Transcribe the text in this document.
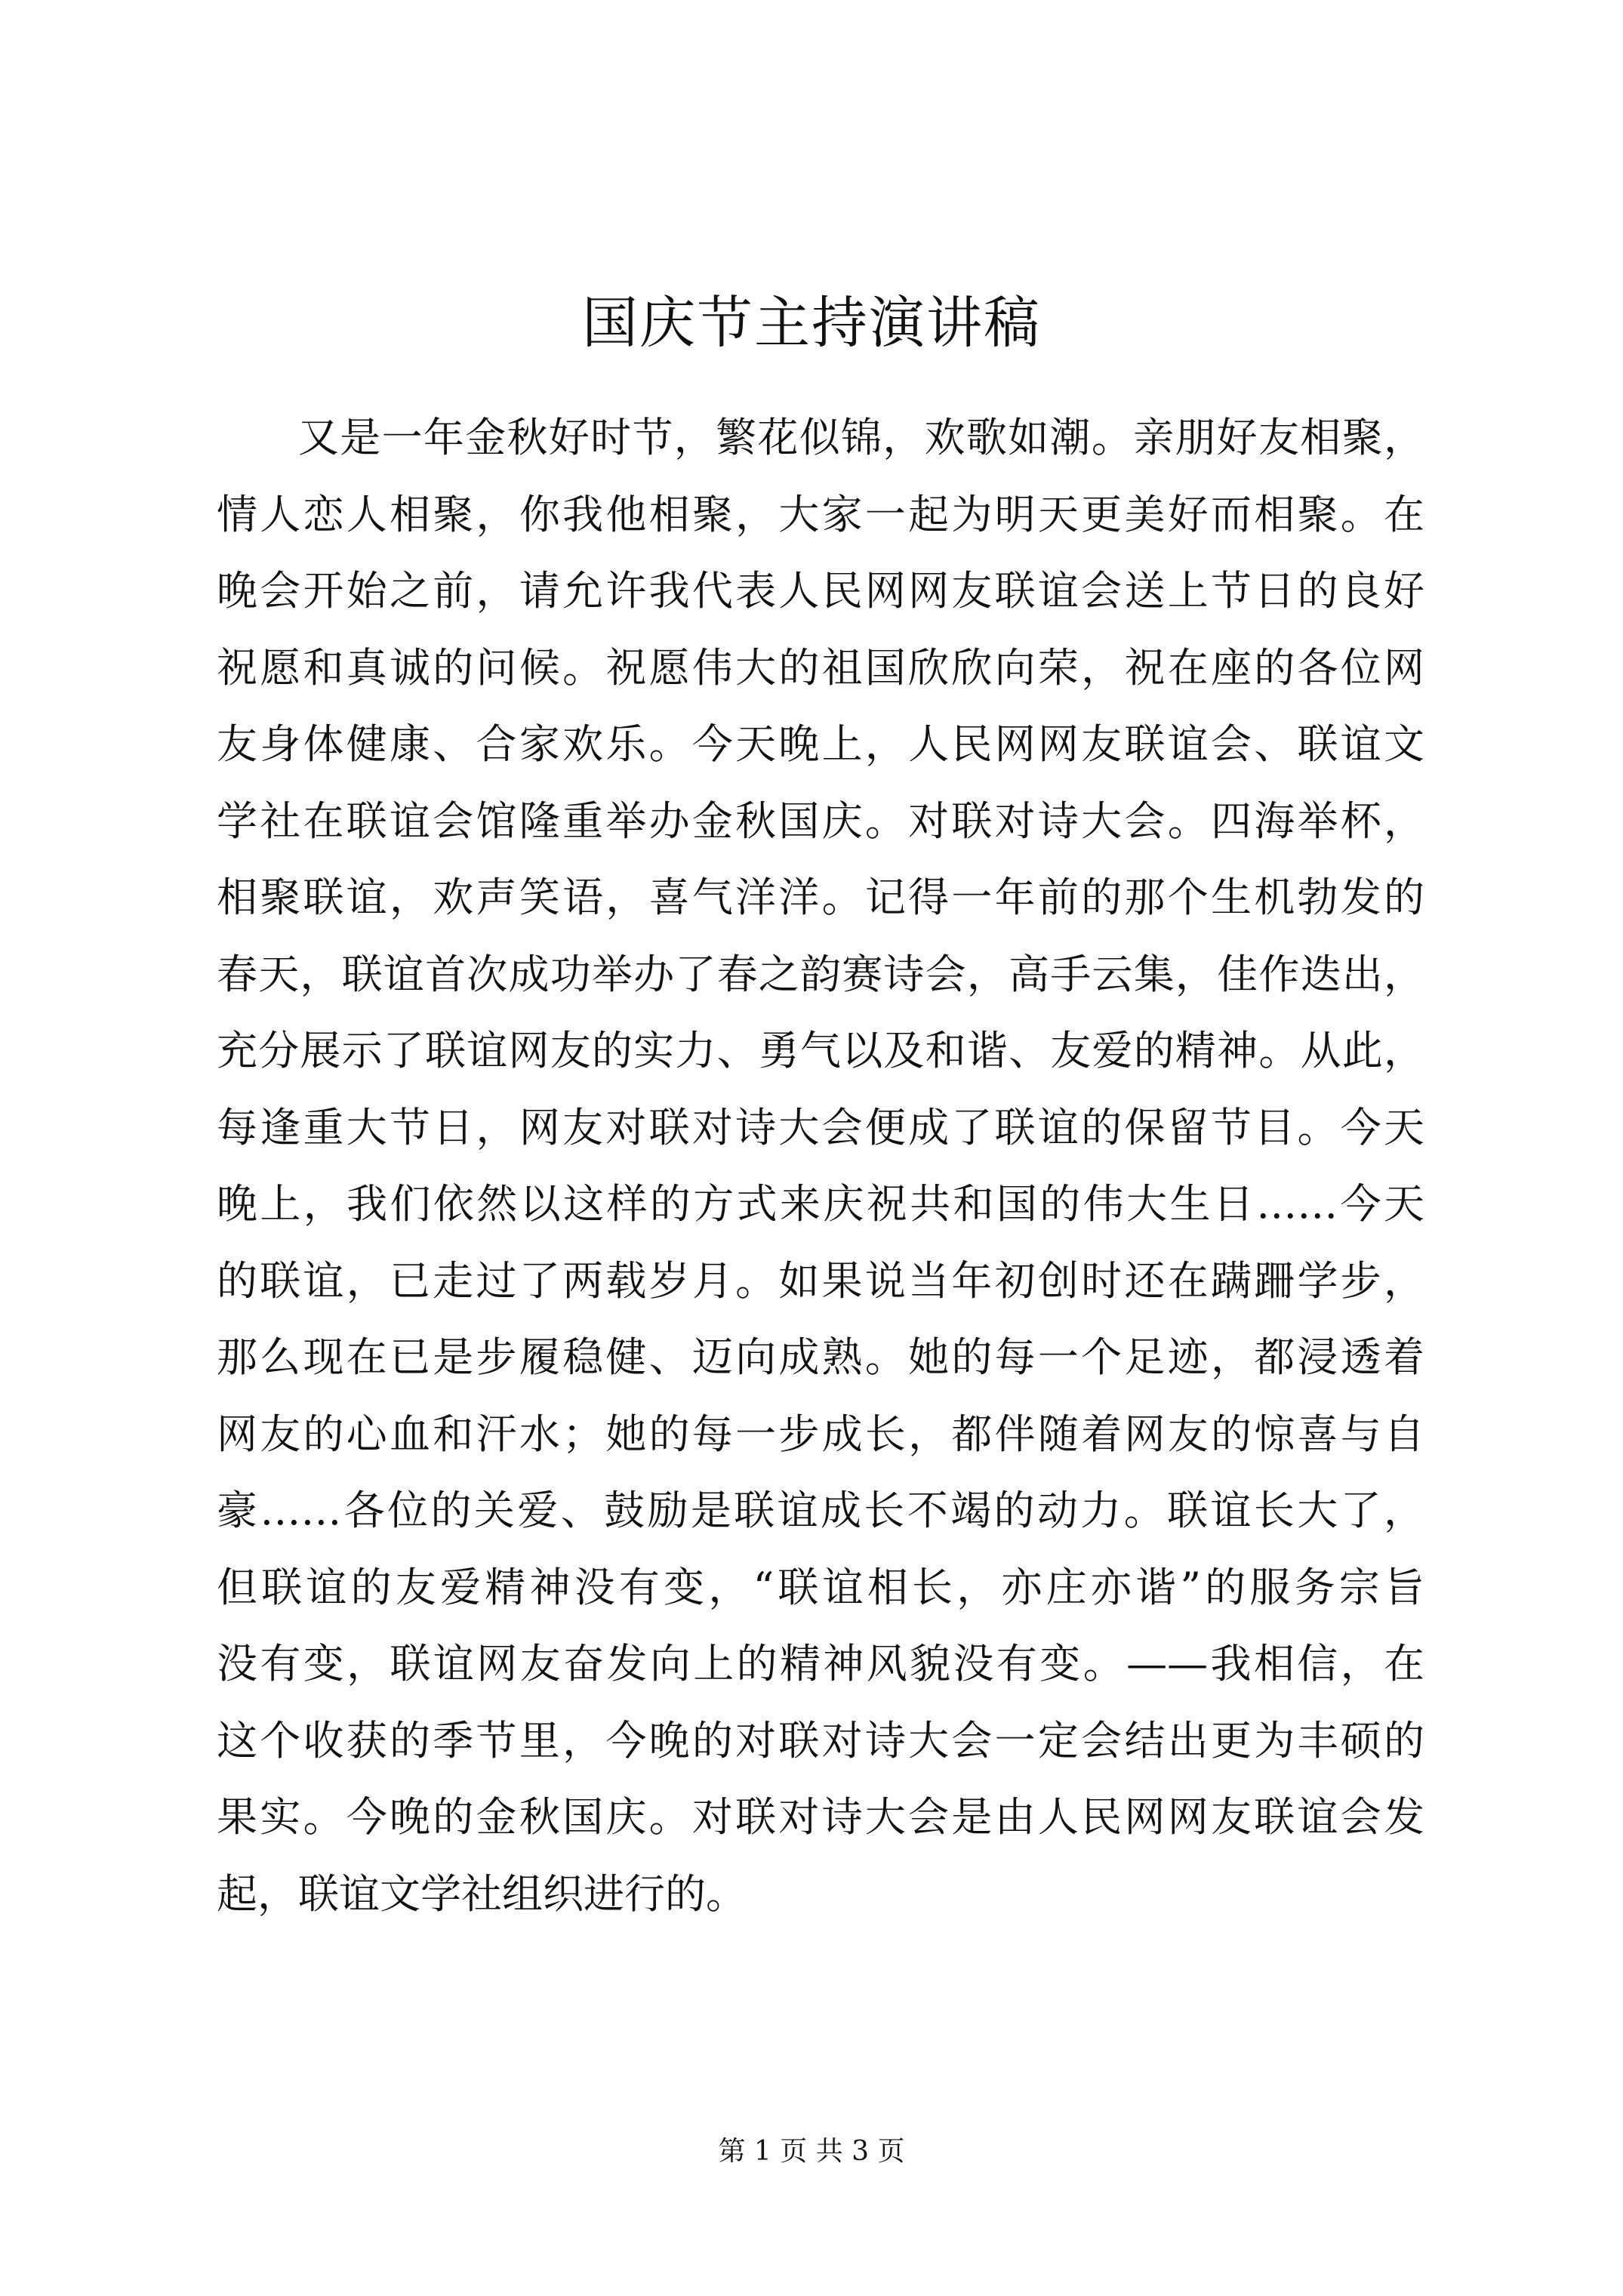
国庆节主持演讲稿
又是一年金秋好时节，繁花似锦，欢歌如潮。亲朋好友相聚，
情人恋人相聚，你我他相聚，大家一起为明天更美好而相聚。在
晚会开始之前，请允许我代表人民网网友联谊会送上节日的良好
祝愿和真诚的问候。祝愿伟大的祖国欣欣向荣，祝在座的各位网
友身体健康、合家欢乐。今天晚上，人民网网友联谊会、联谊文
学社在联谊会馆隆重举办金秋国庆。对联对诗大会。四海举杯，
相聚联谊，欢声笑语，喜气洋洋。记得一年前的那个生机勃发的
春天，联谊首次成功举办了春之韵赛诗会，高手云集，佳作迭出，
充分展示了联谊网友的实力、勇气以及和谐、友爱的精神。从此，
每逢重大节日，网友对联对诗大会便成了联谊的保留节目。今天
晚上，我们依然以这样的方式来庆祝共和国的伟大生日……今天
的联谊，已走过了两载岁月。如果说当年初创时还在蹒跚学步，
那么现在已是步履稳健、迈向成熟。她的每一个足迹，都浸透着
网友的心血和汗水；她的每一步成长，都伴随着网友的惊喜与自
豪……各位的关爱、鼓励是联谊成长不竭的动力。联谊长大了，
但联谊的友爱精神没有变，“联谊相长，亦庄亦谐”的服务宗旨
没有变，联谊网友奋发向上的精神风貌没有变。——我相信，在
这个收获的季节里，今晚的对联对诗大会一定会结出更为丰硕的
果实。今晚的金秋国庆。对联对诗大会是由人民网网友联谊会发
起，联谊文学社组织进行的。
第 1 页 共 3 页
